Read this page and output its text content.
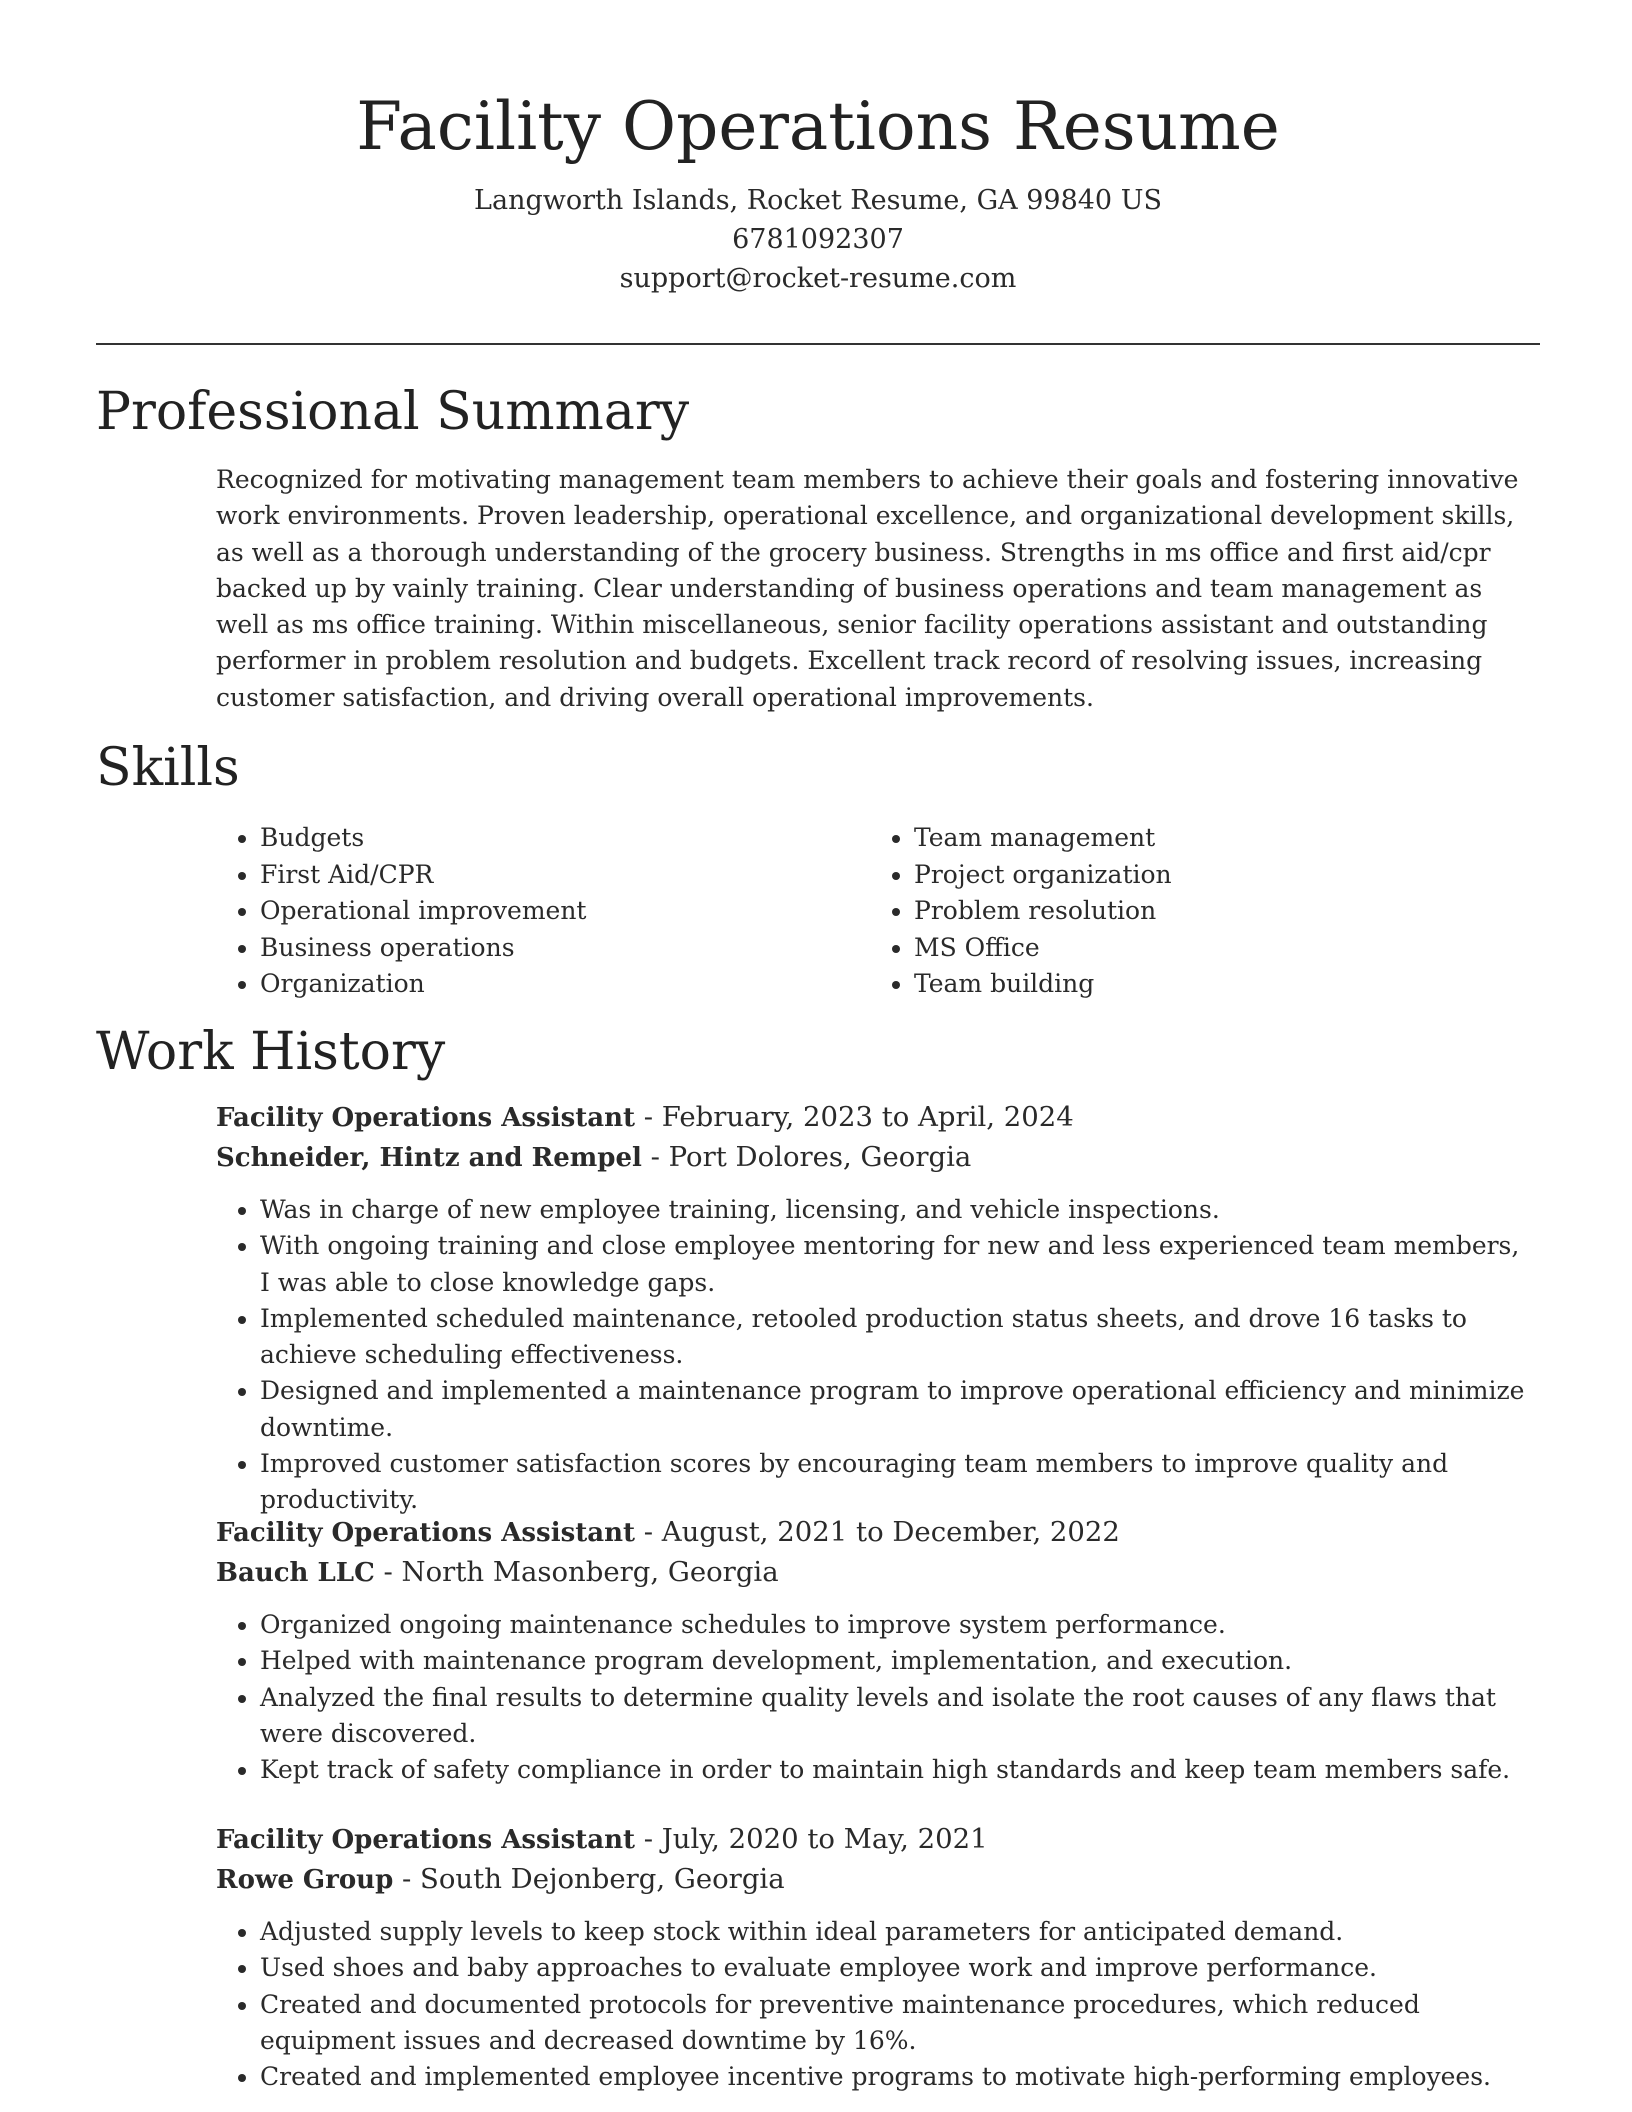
Facility Operations Resume
Langworth Islands, Rocket Resume, GA 99840 US
6781092307
support@rocket-resume.com
Professional Summary

Recognized for motivating management team members to achieve their goals and fostering innovative work environments. Proven leadership, operational excellence, and organizational development skills, as well as a thorough understanding of the grocery business. Strengths in ms office and first aid/cpr backed up by vainly training. Clear understanding of business operations and team management as well as ms office training. Within miscellaneous, senior facility operations assistant and outstanding performer in problem resolution and budgets. Excellent track record of resolving issues, increasing customer satisfaction, and driving overall operational improvements.

Skills
• Budgets
• First Aid/CPR
• Operational improvement
• Business operations
• Organization
• Team management
• Project organization
• Problem resolution
• MS Office
• Team building
Work History
Facility Operations Assistant - February, 2023 to April, 2024
Schneider, Hintz and Rempel - Port Dolores, Georgia
• Was in charge of new employee training, licensing, and vehicle inspections.
• With ongoing training and close employee mentoring for new and less experienced team members, I was able to close knowledge gaps.
• Implemented scheduled maintenance, retooled production status sheets, and drove 16 tasks to achieve scheduling effectiveness.
• Designed and implemented a maintenance program to improve operational efficiency and minimize downtime.
• Improved customer satisfaction scores by encouraging team members to improve quality and productivity.
Facility Operations Assistant - August, 2021 to December, 2022
Bauch LLC - North Masonberg, Georgia
• Organized ongoing maintenance schedules to improve system performance.
• Helped with maintenance program development, implementation, and execution.
• Analyzed the final results to determine quality levels and isolate the root causes of any flaws that were discovered.
• Kept track of safety compliance in order to maintain high standards and keep team members safe.
Facility Operations Assistant - July, 2020 to May, 2021
Rowe Group - South Dejonberg, Georgia
• Adjusted supply levels to keep stock within ideal parameters for anticipated demand.
• Used shoes and baby approaches to evaluate employee work and improve performance.
• Created and documented protocols for preventive maintenance procedures, which reduced equipment issues and decreased downtime by 16%.
• Created and implemented employee incentive programs to motivate high-performing employees.
